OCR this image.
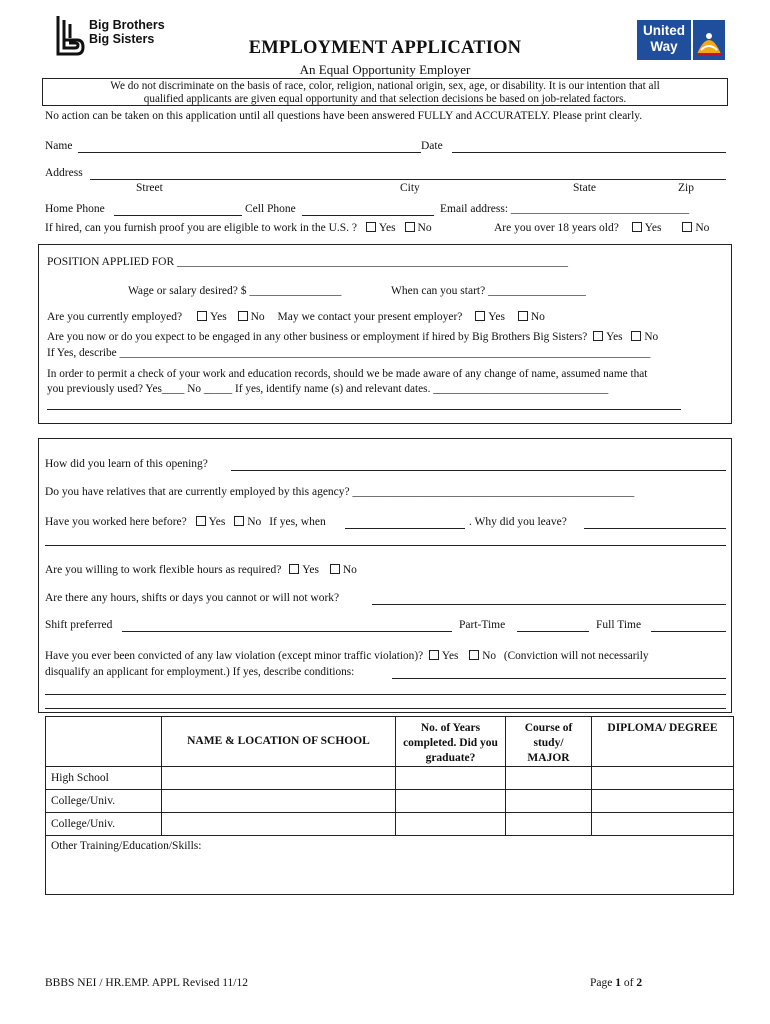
Big Brothers
Big Sisters
United
Way
EMPLOYMENT APPLICATION
An Equal Opportunity Employer
We do not discriminate on the basis of race, color, religion, national origin, sex, age, or disability. It is our intention that all
qualified applicants are given equal opportunity and that selection decisions be based on job-related factors.
No action can be taken on this application until all questions have been answered FULLY and ACCURATELY. Please print clearly.
Name	Date
Address
Street	City	State	Zip
Home Phone	Cell Phone	Email address: _______________________________
If hired, can you furnish proof you are eligible to work in the U.S. ? Yes No	Are you over 18 years old? Yes	No
POSITION APPLIED FOR ____________________________________________________________________
Wage or salary desired? $ ________________	When can you start? _________________
Are you currently employed? Yes No May we contact your present employer? Yes No
Are you now or do you expect to be engaged in any other business or employment if hired by Big Brothers Big Sisters? Yes No
If Yes, describe ______________________________________________________________________________________________
In order to permit a check of your work and education records, should we be made aware of any change of name, assumed name that
you previously used? Yes____ No _____ If yes, identify name (s) and relevant dates. _______________________________
How did you learn of this opening?
Do you have relatives that are currently employed by this agency? _________________________________________________
Have you worked here before? Yes No If yes, when	. Why did you leave?
Are you willing to work flexible hours as required? Yes No
Are there any hours, shifts or days you cannot or will not work?
Shift preferred	Part-Time	Full Time
Have you ever been convicted of any law violation (except minor traffic violation)? Yes No (Conviction will not necessarily
disqualify an applicant for employment.) If yes, describe conditions:
	NAME & LOCATION OF SCHOOL	No. of Years completed. Did you graduate?	Course of study/ MAJOR	DIPLOMA/ DEGREE
High School				
College/Univ.				
College/Univ.				
Other Training/Education/Skills:				
BBBS NEI / HR.EMP. APPL Revised 11/12	Page 1 of 2
